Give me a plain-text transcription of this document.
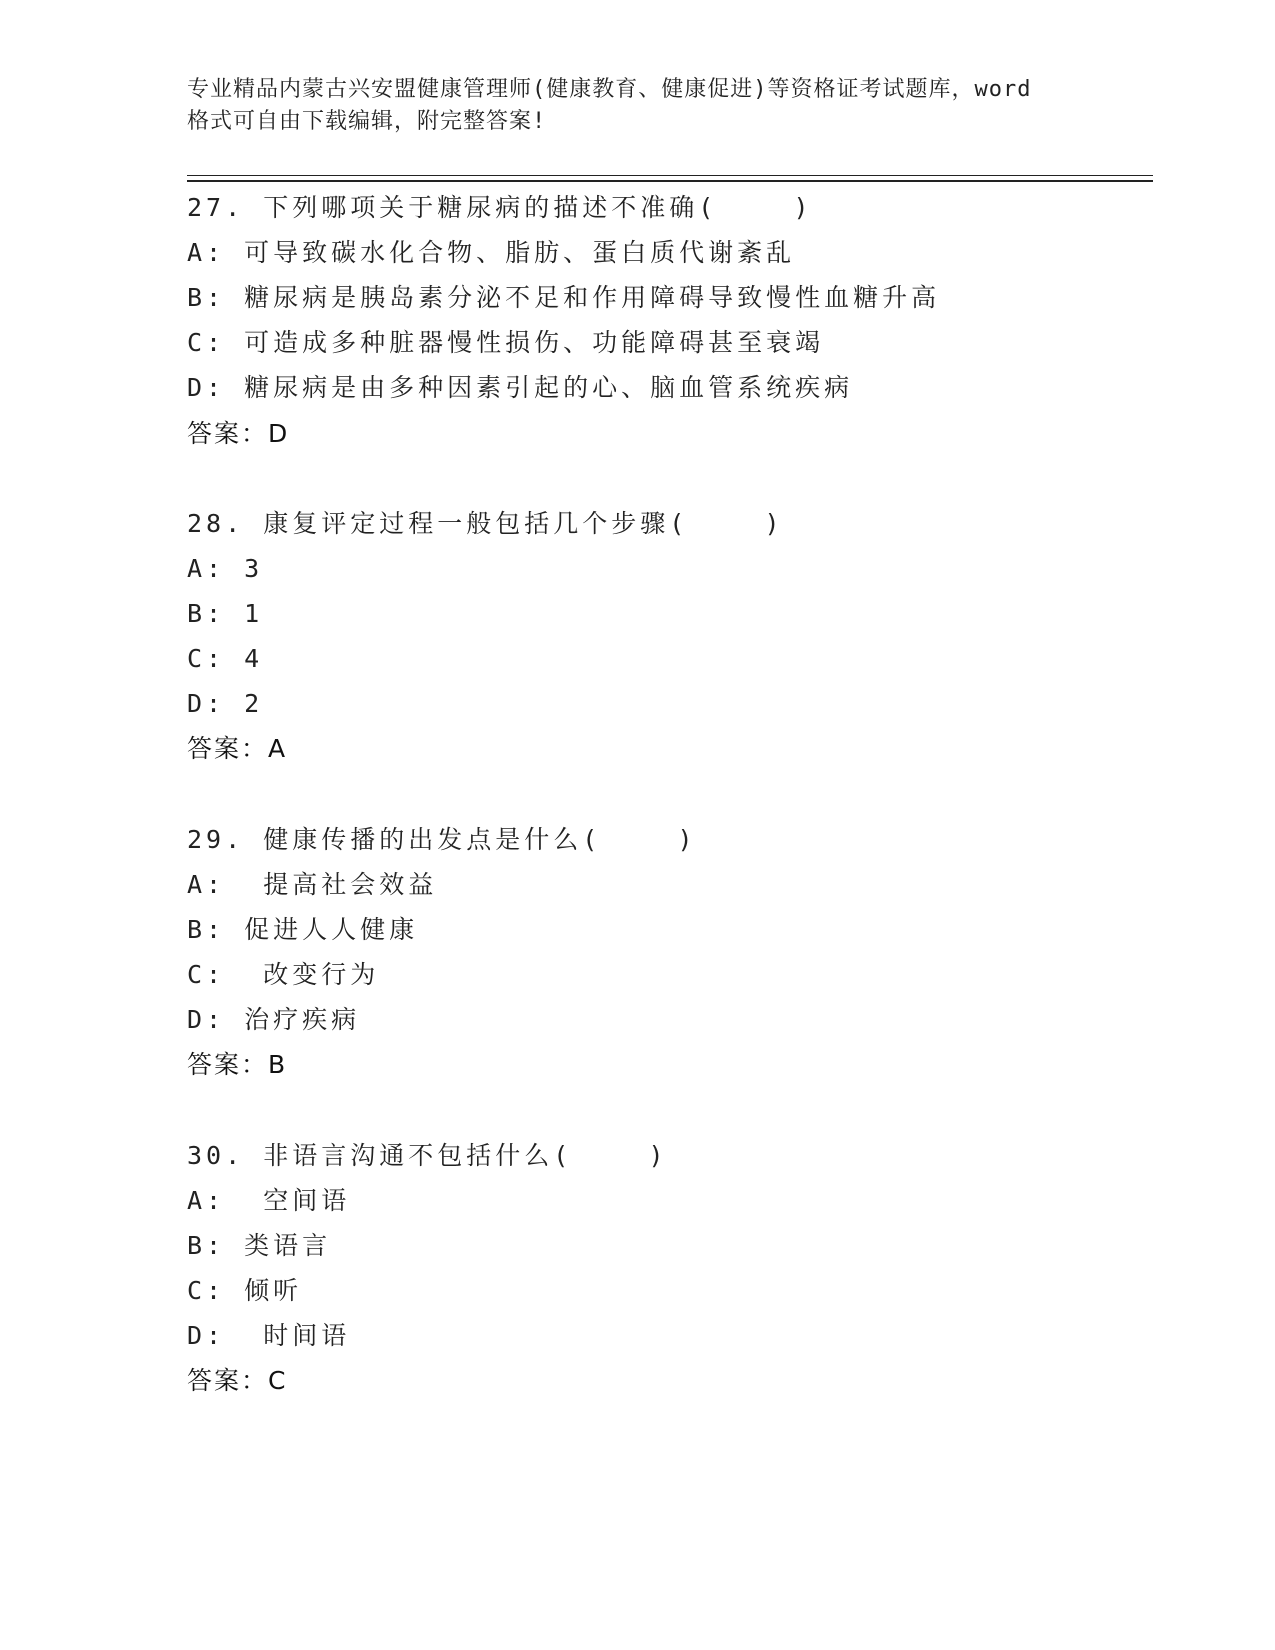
专业精品内蒙古兴安盟健康管理师(健康教育、健康促进)等资格证考试题库，word
格式可自由下载编辑，附完整答案!
27. 下列哪项关于糖尿病的描述不准确(    )
A: 可导致碳水化合物、脂肪、蛋白质代谢紊乱
B: 糖尿病是胰岛素分泌不足和作用障碍导致慢性血糖升高
C: 可造成多种脏器慢性损伤、功能障碍甚至衰竭
D: 糖尿病是由多种因素引起的心、脑血管系统疾病
答案：D
28. 康复评定过程一般包括几个步骤(    )
A: 3
B: 1
C: 4
D: 2
答案：A
29. 健康传播的出发点是什么(    )
A:  提高社会效益
B: 促进人人健康
C:  改变行为
D: 治疗疾病
答案：B
30. 非语言沟通不包括什么(    )
A:  空间语
B: 类语言
C: 倾听
D:  时间语
答案：C
